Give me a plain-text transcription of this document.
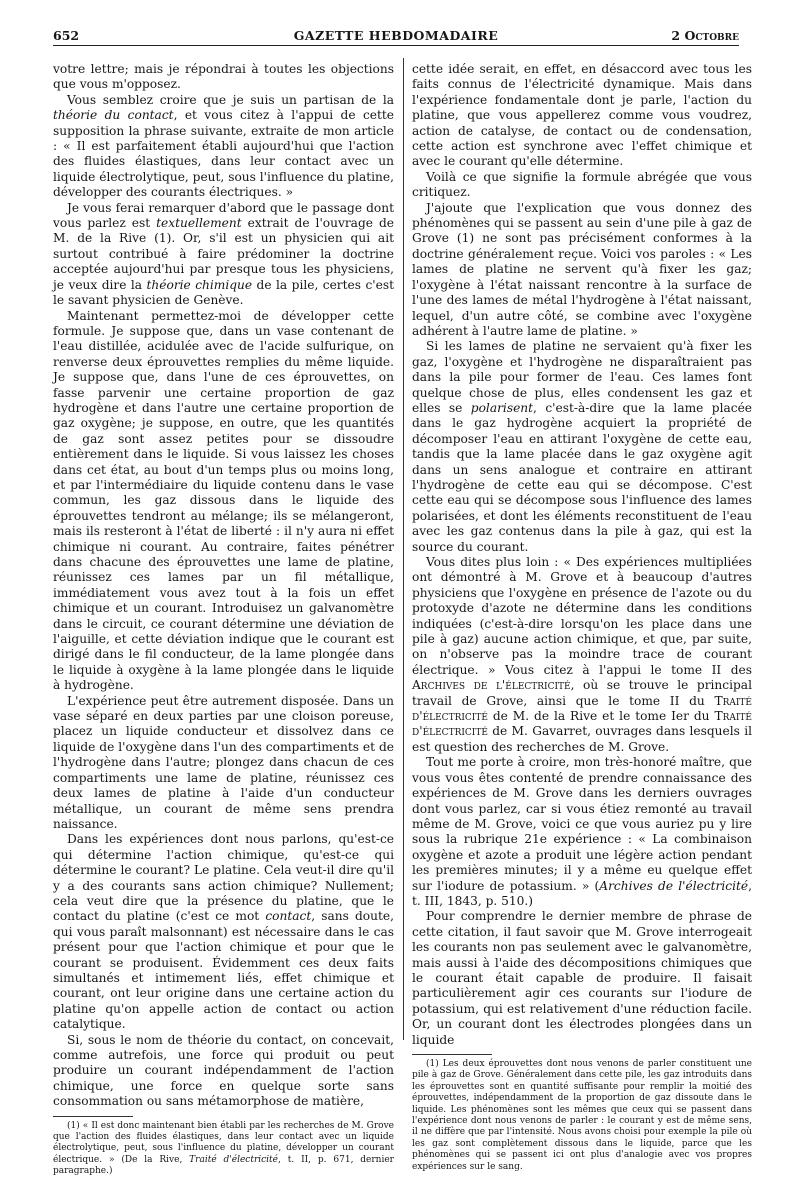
652	GAZETTE HEBDOMADAIRE	2 Octobre

votre lettre; mais je répondrai à toutes les objections que vous m'opposez.

Vous semblez croire que je suis un partisan de la théorie du contact, et vous citez à l'appui de cette supposition la phrase suivante, extraite de mon article : « Il est parfaitement établi aujourd'hui que l'action des fluides élastiques, dans leur contact avec un liquide électrolytique, peut, sous l'influence du platine, développer des courants électriques. »

Je vous ferai remarquer d'abord que le passage dont vous parlez est textuellement extrait de l'ouvrage de M. de la Rive (1). Or, s'il est un physicien qui ait surtout contribué à faire prédominer la doctrine acceptée aujourd'hui par presque tous les physiciens, je veux dire la théorie chimique de la pile, certes c'est le savant physicien de Genève.

Maintenant permettez-moi de développer cette formule. Je suppose que, dans un vase contenant de l'eau distillée, acidulée avec de l'acide sulfurique, on renverse deux éprouvettes remplies du même liquide. Je suppose que, dans l'une de ces éprouvettes, on fasse parvenir une certaine proportion de gaz hydrogène et dans l'autre une certaine proportion de gaz oxygène; je suppose, en outre, que les quantités de gaz sont assez petites pour se dissoudre entièrement dans le liquide. Si vous laissez les choses dans cet état, au bout d'un temps plus ou moins long, et par l'intermédiaire du liquide contenu dans le vase commun, les gaz dissous dans le liquide des éprouvettes tendront au mélange; ils se mélangeront, mais ils resteront à l'état de liberté : il n'y aura ni effet chimique ni courant. Au contraire, faites pénétrer dans chacune des éprouvettes une lame de platine, réunissez ces lames par un fil métallique, immédiatement vous avez tout à la fois un effet chimique et un courant. Introduisez un galvanomètre dans le circuit, ce courant détermine une déviation de l'aiguille, et cette déviation indique que le courant est dirigé dans le fil conducteur, de la lame plongée dans le liquide à oxygène à la lame plongée dans le liquide à hydrogène.

L'expérience peut être autrement disposée. Dans un vase séparé en deux parties par une cloison poreuse, placez un liquide conducteur et dissolvez dans ce liquide de l'oxygène dans l'un des compartiments et de l'hydrogène dans l'autre; plongez dans chacun de ces compartiments une lame de platine, réunissez ces deux lames de platine à l'aide d'un conducteur métallique, un courant de même sens prendra naissance.

Dans les expériences dont nous parlons, qu'est-ce qui détermine l'action chimique, qu'est-ce qui détermine le courant? Le platine. Cela veut-il dire qu'il y a des courants sans action chimique? Nullement; cela veut dire que la présence du platine, que le contact du platine (c'est ce mot contact, sans doute, qui vous paraît malsonnant) est nécessaire dans le cas présent pour que l'action chimique et pour que le courant se produisent. Évidemment ces deux faits simultanés et intimement liés, effet chimique et courant, ont leur origine dans une certaine action du platine qu'on appelle action de contact ou action catalytique.

Si, sous le nom de théorie du contact, on concevait, comme autrefois, une force qui produit ou peut produire un courant indépendamment de l'action chimique, une force en quelque sorte sans consommation ou sans métamorphose de matière,

(1) « Il est donc maintenant bien établi par les recherches de M. Grove que l'action des fluides élastiques, dans leur contact avec un liquide électrolytique, peut, sous l'influence du platine, développer un courant électrique. » (De la Rive, Traité d'électricité, t. II, p. 671, dernier paragraphe.)

cette idée serait, en effet, en désaccord avec tous les faits connus de l'électricité dynamique. Mais dans l'expérience fondamentale dont je parle, l'action du platine, que vous appellerez comme vous voudrez, action de catalyse, de contact ou de condensation, cette action est synchrone avec l'effet chimique et avec le courant qu'elle détermine.

Voilà ce que signifie la formule abrégée que vous critiquez.

J'ajoute que l'explication que vous donnez des phénomènes qui se passent au sein d'une pile à gaz de Grove (1) ne sont pas précisément conformes à la doctrine généralement reçue. Voici vos paroles : « Les lames de platine ne servent qu'à fixer les gaz; l'oxygène à l'état naissant rencontre à la surface de l'une des lames de métal l'hydrogène à l'état naissant, lequel, d'un autre côté, se combine avec l'oxygène adhérent à l'autre lame de platine. »

Si les lames de platine ne servaient qu'à fixer les gaz, l'oxygène et l'hydrogène ne disparaîtraient pas dans la pile pour former de l'eau. Ces lames font quelque chose de plus, elles condensent les gaz et elles se polarisent, c'est-à-dire que la lame placée dans le gaz hydrogène acquiert la propriété de décomposer l'eau en attirant l'oxygène de cette eau, tandis que la lame placée dans le gaz oxygène agit dans un sens analogue et contraire en attirant l'hydrogène de cette eau qui se décompose. C'est cette eau qui se décompose sous l'influence des lames polarisées, et dont les éléments reconstituent de l'eau avec les gaz contenus dans la pile à gaz, qui est la source du courant.

Vous dites plus loin : « Des expériences multipliées ont démontré à M. Grove et à beaucoup d'autres physiciens que l'oxygène en présence de l'azote ou du protoxyde d'azote ne détermine dans les conditions indiquées (c'est-à-dire lorsqu'on les place dans une pile à gaz) aucune action chimique, et que, par suite, on n'observe pas la moindre trace de courant électrique. » Vous citez à l'appui le tome II des Archives de l'électricité, où se trouve le principal travail de Grove, ainsi que le tome II du Traité d'électricité de M. de la Rive et le tome Ier du Traité d'électricité de M. Gavarret, ouvrages dans lesquels il est question des recherches de M. Grove.

Tout me porte à croire, mon très-honoré maître, que vous vous êtes contenté de prendre connaissance des expériences de M. Grove dans les derniers ouvrages dont vous parlez, car si vous étiez remonté au travail même de M. Grove, voici ce que vous auriez pu y lire sous la rubrique 21e expérience : « La combinaison oxygène et azote a produit une légère action pendant les premières minutes; il y a même eu quelque effet sur l'iodure de potassium. » (Archives de l'électricité, t. III, 1843, p. 510.)

Pour comprendre le dernier membre de phrase de cette citation, il faut savoir que M. Grove interrogeait les courants non pas seulement avec le galvanomètre, mais aussi à l'aide des décompositions chimiques que le courant était capable de produire. Il faisait particulièrement agir ces courants sur l'iodure de potassium, qui est relativement d'une réduction facile. Or, un courant dont les électrodes plongées dans un liquide

(1) Les deux éprouvettes dont nous venons de parler constituent une pile à gaz de Grove. Généralement dans cette pile, les gaz introduits dans les éprouvettes sont en quantité suffisante pour remplir la moitié des éprouvettes, indépendamment de la proportion de gaz dissoute dans le liquide. Les phénomènes sont les mêmes que ceux qui se passent dans l'expérience dont nous venons de parler : le courant y est de même sens, il ne diffère que par l'intensité. Nous avons choisi pour exemple la pile où les gaz sont complètement dissous dans le liquide, parce que les phénomènes qui se passent ici ont plus d'analogie avec vos propres expériences sur le sang.
